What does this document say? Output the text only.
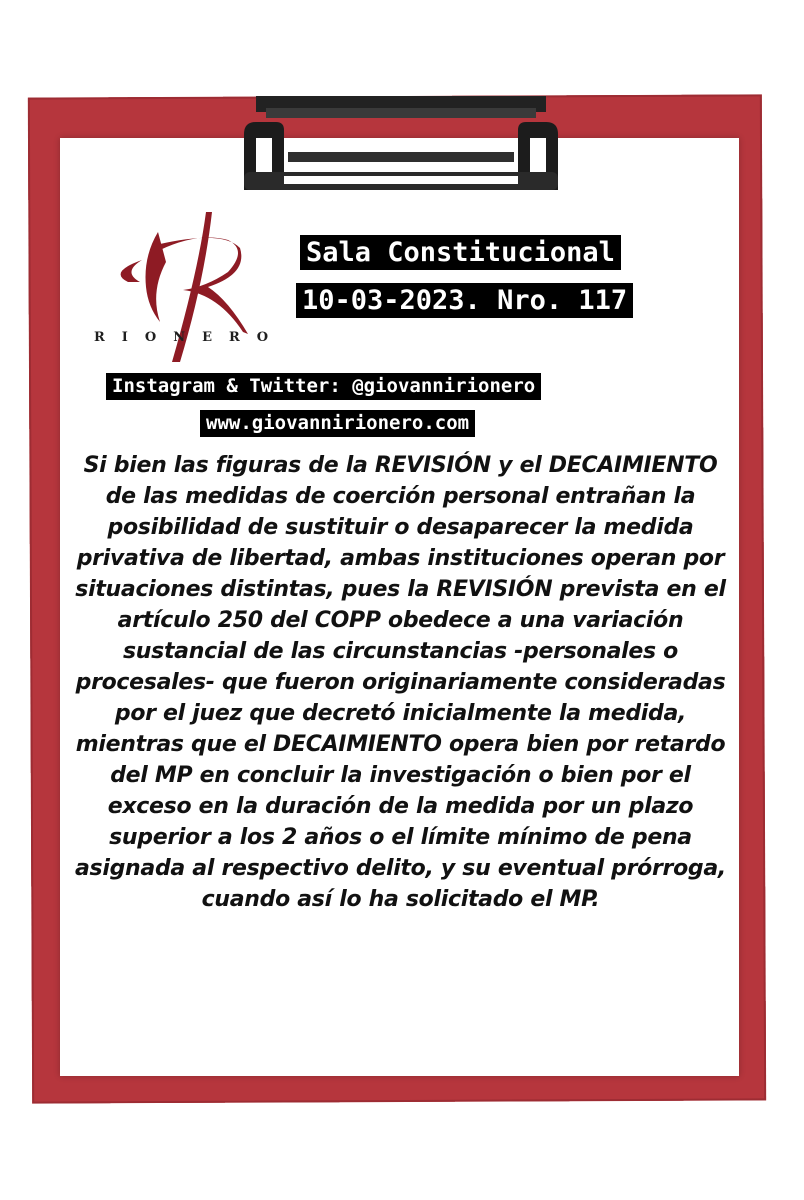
RIONERO
Sala Constitucional
10-03-2023. Nro. 117
Instagram & Twitter: @giovannirionero
www.giovannirionero.com
Si bien las figuras de la REVISIÓN y el DECAIMIENTO de las medidas de coerción personal entrañan la posibilidad de sustituir o desaparecer la medida privativa de libertad, ambas instituciones operan por situaciones distintas, pues la REVISIÓN prevista en el artículo 250 del COPP obedece a una variación sustancial de las circunstancias -personales o procesales- que fueron originariamente consideradas por el juez que decretó inicialmente la medida, mientras que el DECAIMIENTO opera bien por retardo del MP en concluir la investigación o bien por el exceso en la duración de la medida por un plazo superior a los 2 años o el límite mínimo de pena asignada al respectivo delito, y su eventual prórroga, cuando así lo ha solicitado el MP.
